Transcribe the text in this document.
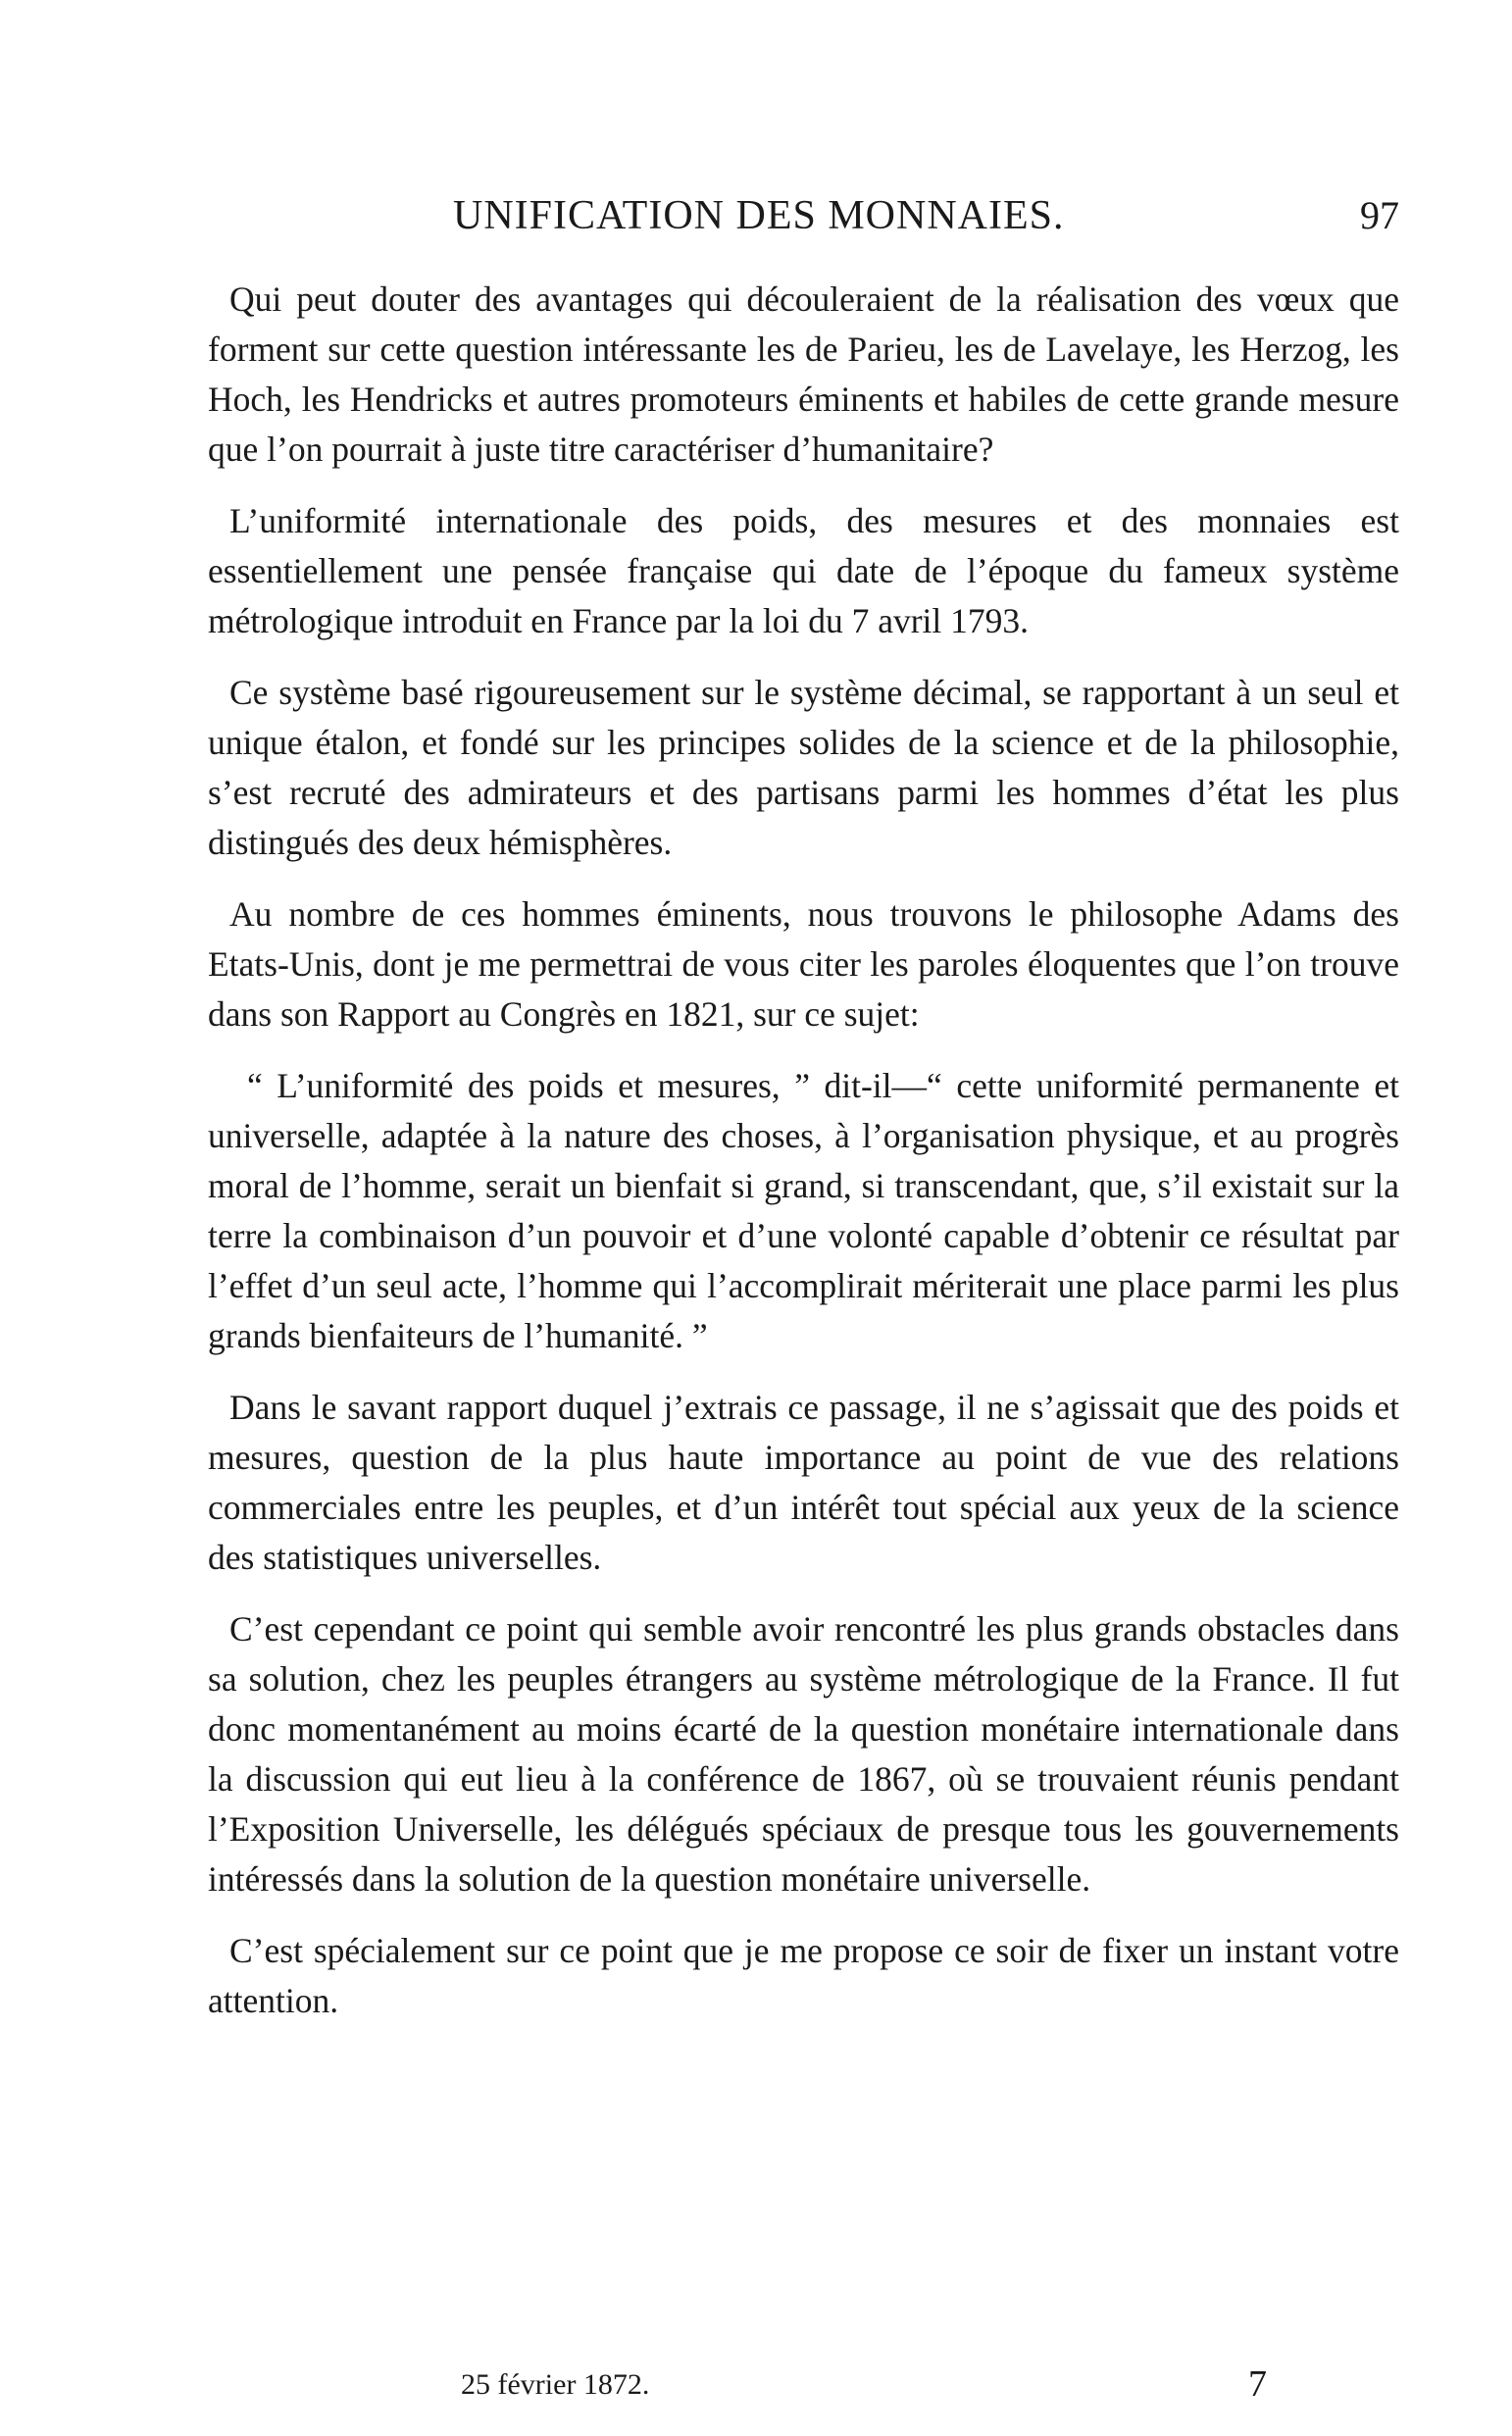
UNIFICATION DES MONNAIES.	97

Qui peut douter des avantages qui découleraient de la réalisation des vœux que forment sur cette question intéressante les de Parieu, les de Lavelaye, les Herzog, les Hoch, les Hendricks et autres promoteurs éminents et habiles de cette grande mesure que l’on pourrait à juste titre caractériser d’humanitaire?

L’uniformité internationale des poids, des mesures et des monnaies est essentiellement une pensée française qui date de l’époque du fameux système métrologique introduit en France par la loi du 7 avril 1793.

Ce système basé rigoureusement sur le système décimal, se rapportant à un seul et unique étalon, et fondé sur les principes solides de la science et de la philosophie, s’est recruté des admirateurs et des partisans parmi les hommes d’état les plus distingués des deux hémisphères.

Au nombre de ces hommes éminents, nous trouvons le philosophe Adams des Etats-Unis, dont je me permettrai de vous citer les paroles éloquentes que l’on trouve dans son Rapport au Congrès en 1821, sur ce sujet:

“ L’uniformité des poids et mesures, ” dit-il—“ cette uniformité permanente et universelle, adaptée à la nature des choses, à l’organisation physique, et au progrès moral de l’homme, serait un bienfait si grand, si transcendant, que, s’il existait sur la terre la combinaison d’un pouvoir et d’une volonté capable d’obtenir ce résultat par l’effet d’un seul acte, l’homme qui l’accomplirait mériterait une place parmi les plus grands bienfaiteurs de l’humanité. ”

Dans le savant rapport duquel j’extrais ce passage, il ne s’agissait que des poids et mesures, question de la plus haute importance au point de vue des relations commerciales entre les peuples, et d’un intérêt tout spécial aux yeux de la science des statistiques universelles.

C’est cependant ce point qui semble avoir rencontré les plus grands obstacles dans sa solution, chez les peuples étrangers au système métrologique de la France. Il fut donc momentanément au moins écarté de la question monétaire internationale dans la discussion qui eut lieu à la conférence de 1867, où se trouvaient réunis pendant l’Exposition Universelle, les délégués spéciaux de presque tous les gouvernements intéressés dans la solution de la question monétaire universelle.

C’est spécialement sur ce point que je me propose ce soir de fixer un instant votre attention.

25 février 1872.	7
